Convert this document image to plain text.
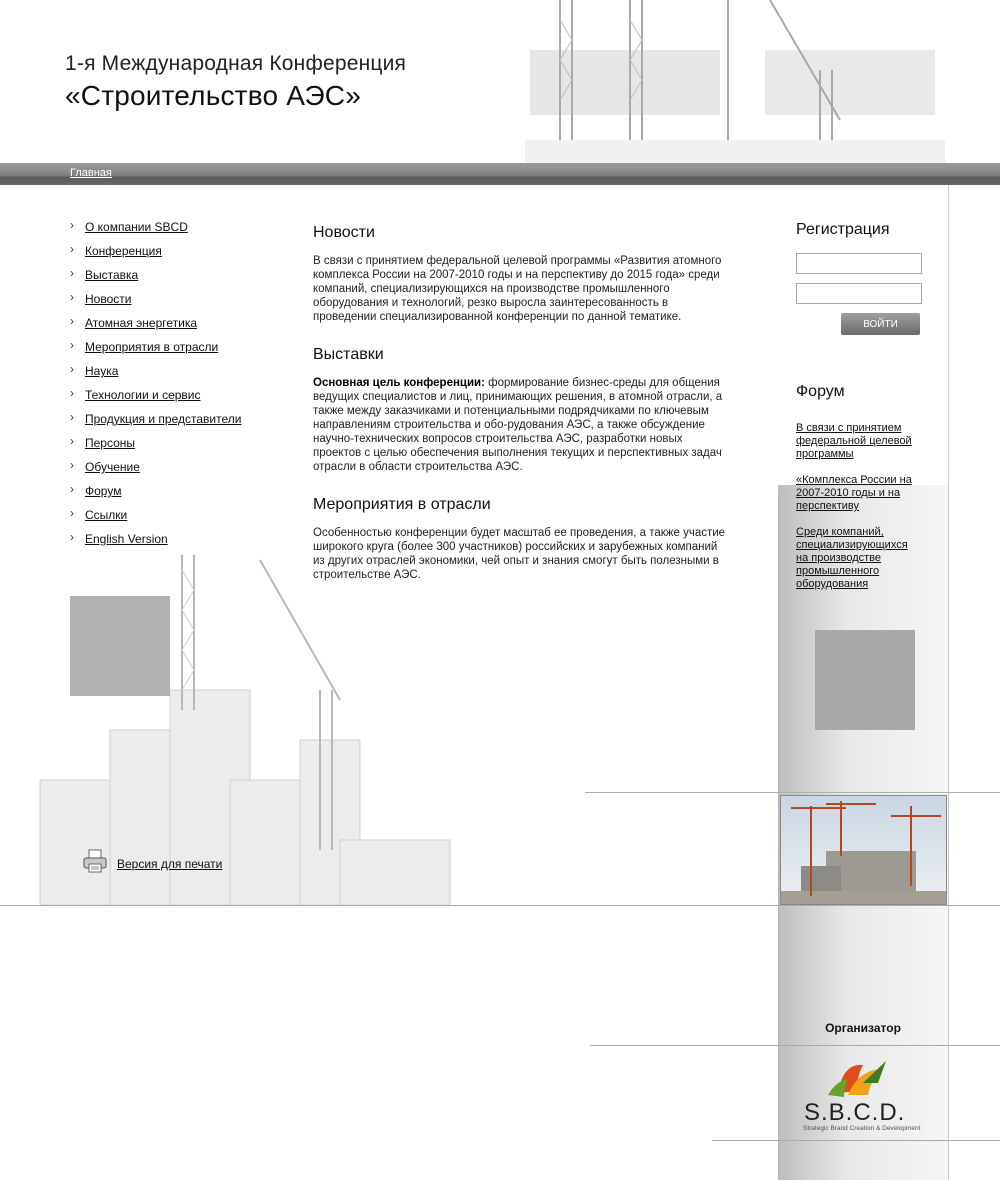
1-я Международная Конференция
«Строительство АЭС»
Главная
› О компании SBCD
› Конференция
› Выставка
› Новости
› Атомная энергетика
› Мероприятия в отрасли
› Наука
› Технологии и сервис
› Продукция и представители
› Персоны
› Обучение
› Форум
› Ссылки
› English Version
Версия для печати
Новости

В связи с принятием федеральной целевой программы «Развития атомного комплекса России на 2007-2010 годы и на перспективу до 2015 года» среди компаний, специализирующихся на производстве промышленного оборудования и технологий, резко выросла заинтересованность в проведении специализированной конференции по данной тематике.

Выставки

Основная цель конференции: формирование бизнес-среды для общения ведущих специалистов и лиц, принимающих решения, в атомной отрасли, а также между заказчиками и потенциальными подрядчиками по ключевым направлениям строительства и обо-рудования АЭС, а также обсуждение научно-технических вопросов строительства АЭС, разработки новых проектов с целью обеспечения выполнения текущих и перспективных задач отрасли в области строительства АЭС.

Мероприятия в отрасли

Особенностью конференции будет масштаб ее проведения, а также участие широкого круга (более 300 участников) российских и зарубежных компаний из других отраслей экономики, чей опыт и знания смогут быть полезными в строительстве АЭС.

Регистрация
ВОЙТИ
Форум
В связи с принятием федеральной целевой программы
«Комплекса России на 2007-2010 годы и на перспективу
Среди компаний, специализирующихся на производстве промышленного оборудования
Организатор
S.B.C.D.
Strategic Brand Creation & Development
